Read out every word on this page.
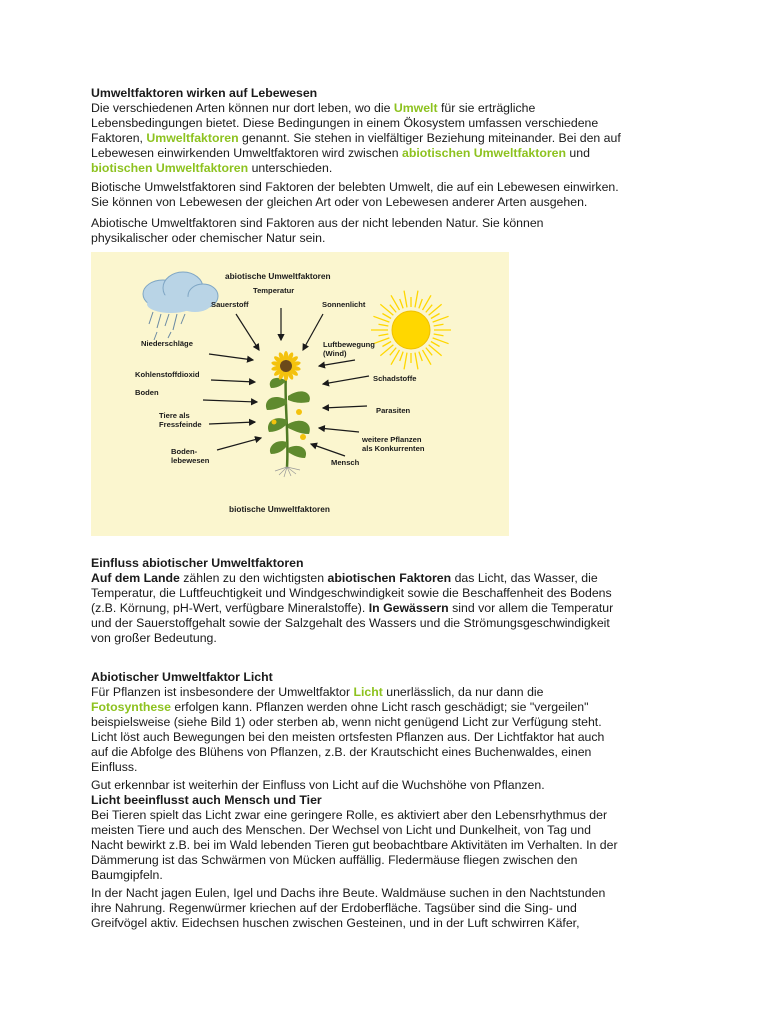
Umweltfaktoren wirken auf Lebewesen

Die verschiedenen Arten können nur dort leben, wo die Umwelt für sie erträgliche

Lebensbedingungen bietet. Diese Bedingungen in einem Ökosystem umfassen verschiedene

Faktoren, Umweltfaktoren genannt. Sie stehen in vielfältiger Beziehung miteinander. Bei den auf

Lebewesen einwirkenden Umweltfaktoren wird zwischen abiotischen Umweltfaktoren und

biotischen Umweltfaktoren unterschieden.

Biotische Umwelstfaktoren sind Faktoren der belebten Umwelt, die auf ein Lebewesen einwirken.

Sie können von Lebewesen der gleichen Art oder von Lebewesen anderer Arten ausgehen.

Abiotische Umweltfaktoren sind Faktoren aus der nicht lebenden Natur. Sie können

physikalischer oder chemischer Natur sein.

abiotische Umweltfaktoren
biotische Umweltfaktoren
Temperatur
Sauerstoff	Sonnenlicht
Niederschläge	Luftbewegung
(Wind)
Kohlenstoffdioxid	Schadstoffe
Boden
Parasiten
Tiere als
Fressfeinde
weitere Pflanzen
als Konkurrenten
Boden-
lebewesen	Mensch

Einfluss abiotischer Umweltfaktoren

Auf dem Lande zählen zu den wichtigsten abiotischen Faktoren das Licht, das Wasser, die

Temperatur, die Luftfeuchtigkeit und Windgeschwindigkeit sowie die Beschaffenheit des Bodens

(z.B. Körnung, pH-Wert, verfügbare Mineralstoffe). In Gewässern sind vor allem die Temperatur

und der Sauerstoffgehalt sowie der Salzgehalt des Wassers und die Strömungsgeschwindigkeit

von großer Bedeutung.

Abiotischer Umweltfaktor Licht

Für Pflanzen ist insbesondere der Umweltfaktor Licht unerlässlich, da nur dann die

Fotosynthese erfolgen kann. Pflanzen werden ohne Licht rasch geschädigt; sie "vergeilen"

beispielsweise (siehe Bild 1) oder sterben ab, wenn nicht genügend Licht zur Verfügung steht.

Licht löst auch Bewegungen bei den meisten ortsfesten Pflanzen aus. Der Lichtfaktor hat auch

auf die Abfolge des Blühens von Pflanzen, z.B. der Krautschicht eines Buchenwaldes, einen

Einfluss.

Gut erkennbar ist weiterhin der Einfluss von Licht auf die Wuchshöhe von Pflanzen.

Licht beeinflusst auch Mensch und Tier

Bei Tieren spielt das Licht zwar eine geringere Rolle, es aktiviert aber den Lebensrhythmus der

meisten Tiere und auch des Menschen. Der Wechsel von Licht und Dunkelheit, von Tag und

Nacht bewirkt z.B. bei im Wald lebenden Tieren gut beobachtbare Aktivitäten im Verhalten. In der

Dämmerung ist das Schwärmen von Mücken auffällig. Fledermäuse fliegen zwischen den

Baumgipfeln.

In der Nacht jagen Eulen, Igel und Dachs ihre Beute. Waldmäuse suchen in den Nachtstunden

ihre Nahrung. Regenwürmer kriechen auf der Erdoberfläche. Tagsüber sind die Sing- und

Greifvögel aktiv. Eidechsen huschen zwischen Gesteinen, und in der Luft schwirren Käfer,
